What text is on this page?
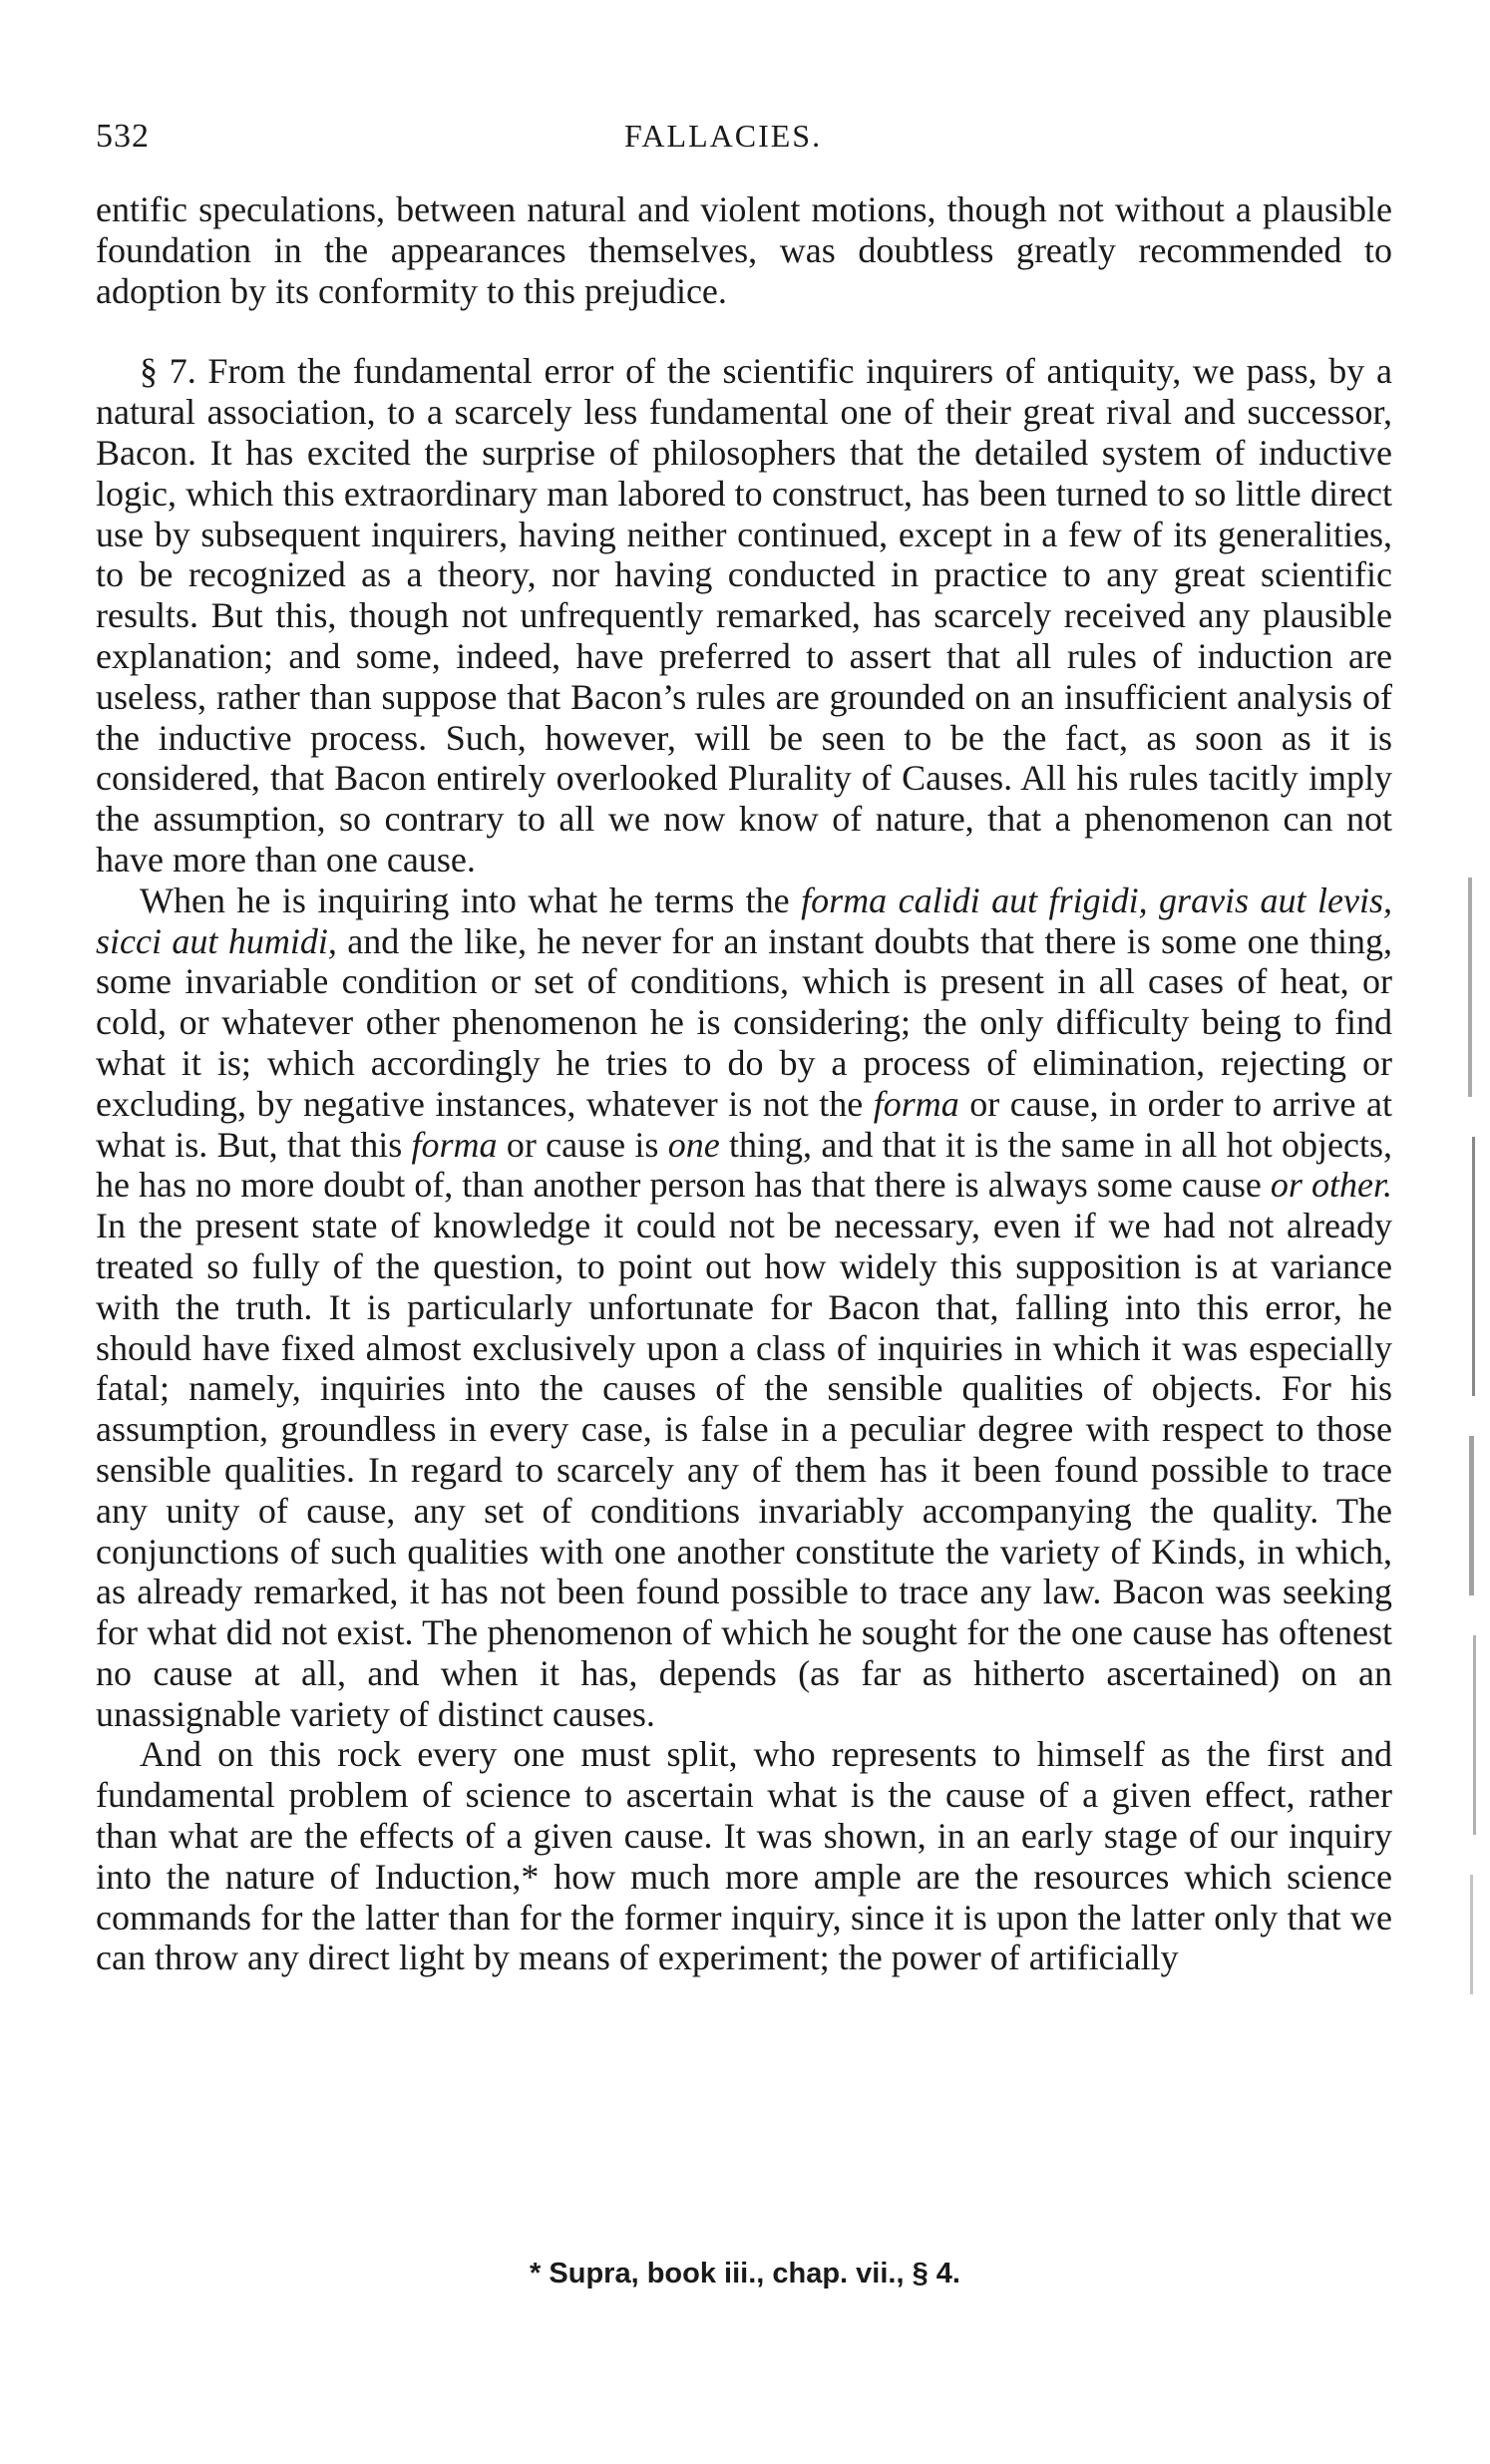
532	FALLACIES.

entific speculations, between natural and violent motions, though not without a plausible foundation in the appearances themselves, was doubtless greatly recommended to adoption by its conformity to this prejudice.

§ 7. From the fundamental error of the scientific inquirers of antiquity, we pass, by a natural association, to a scarcely less fundamental one of their great rival and successor, Bacon. It has excited the surprise of philosophers that the detailed system of inductive logic, which this extraordinary man labored to construct, has been turned to so little direct use by subsequent inquirers, having neither continued, except in a few of its generalities, to be recognized as a theory, nor having conducted in practice to any great scientific results. But this, though not unfrequently remarked, has scarcely received any plausible explanation; and some, indeed, have preferred to assert that all rules of induction are useless, rather than suppose that Bacon’s rules are grounded on an insufficient analysis of the inductive process. Such, however, will be seen to be the fact, as soon as it is considered, that Bacon entirely overlooked Plurality of Causes. All his rules tacitly imply the assumption, so contrary to all we now know of nature, that a phenomenon can not have more than one cause.

When he is inquiring into what he terms the forma calidi aut frigidi, gravis aut levis, sicci aut humidi, and the like, he never for an instant doubts that there is some one thing, some invariable condition or set of conditions, which is present in all cases of heat, or cold, or whatever other phenomenon he is considering; the only difficulty being to find what it is; which accordingly he tries to do by a process of elimination, rejecting or excluding, by negative instances, whatever is not the forma or cause, in order to arrive at what is. But, that this forma or cause is one thing, and that it is the same in all hot objects, he has no more doubt of, than another person has that there is always some cause or other. In the present state of knowledge it could not be necessary, even if we had not already treated so fully of the question, to point out how widely this supposition is at variance with the truth. It is particularly unfortunate for Bacon that, falling into this error, he should have fixed almost exclusively upon a class of inquiries in which it was especially fatal; namely, inquiries into the causes of the sensible qualities of objects. For his assumption, groundless in every case, is false in a peculiar degree with respect to those sensible qualities. In regard to scarcely any of them has it been found possible to trace any unity of cause, any set of conditions invariably accompanying the quality. The conjunctions of such qualities with one another constitute the variety of Kinds, in which, as already remarked, it has not been found possible to trace any law. Bacon was seeking for what did not exist. The phenomenon of which he sought for the one cause has oftenest no cause at all, and when it has, depends (as far as hitherto ascertained) on an unassignable variety of distinct causes.

And on this rock every one must split, who represents to himself as the first and fundamental problem of science to ascertain what is the cause of a given effect, rather than what are the effects of a given cause. It was shown, in an early stage of our inquiry into the nature of Induction,* how much more ample are the resources which science commands for the latter than for the former inquiry, since it is upon the latter only that we can throw any direct light by means of experiment; the power of artificially

* Supra, book iii., chap. vii., § 4.
